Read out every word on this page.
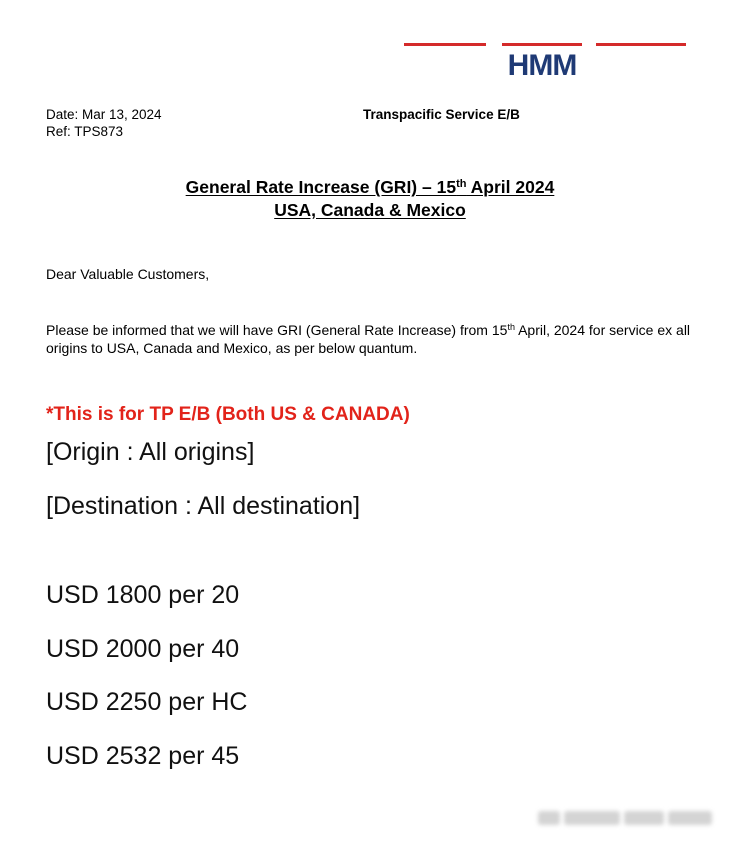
HMM
Date: Mar 13, 2024
Ref: TPS873
Transpacific Service E/B
General Rate Increase (GRI) – 15th April 2024
USA, Canada & Mexico
Dear Valuable Customers,
Please be informed that we will have GRI (General Rate Increase) from 15th April, 2024 for service ex all origins to USA, Canada and Mexico, as per below quantum.
*This is for TP E/B (Both US & CANADA)
[Origin : All origins]
[Destination : All destination]
USD 1800 per 20
USD 2000 per 40
USD 2250 per HC
USD 2532 per 45
